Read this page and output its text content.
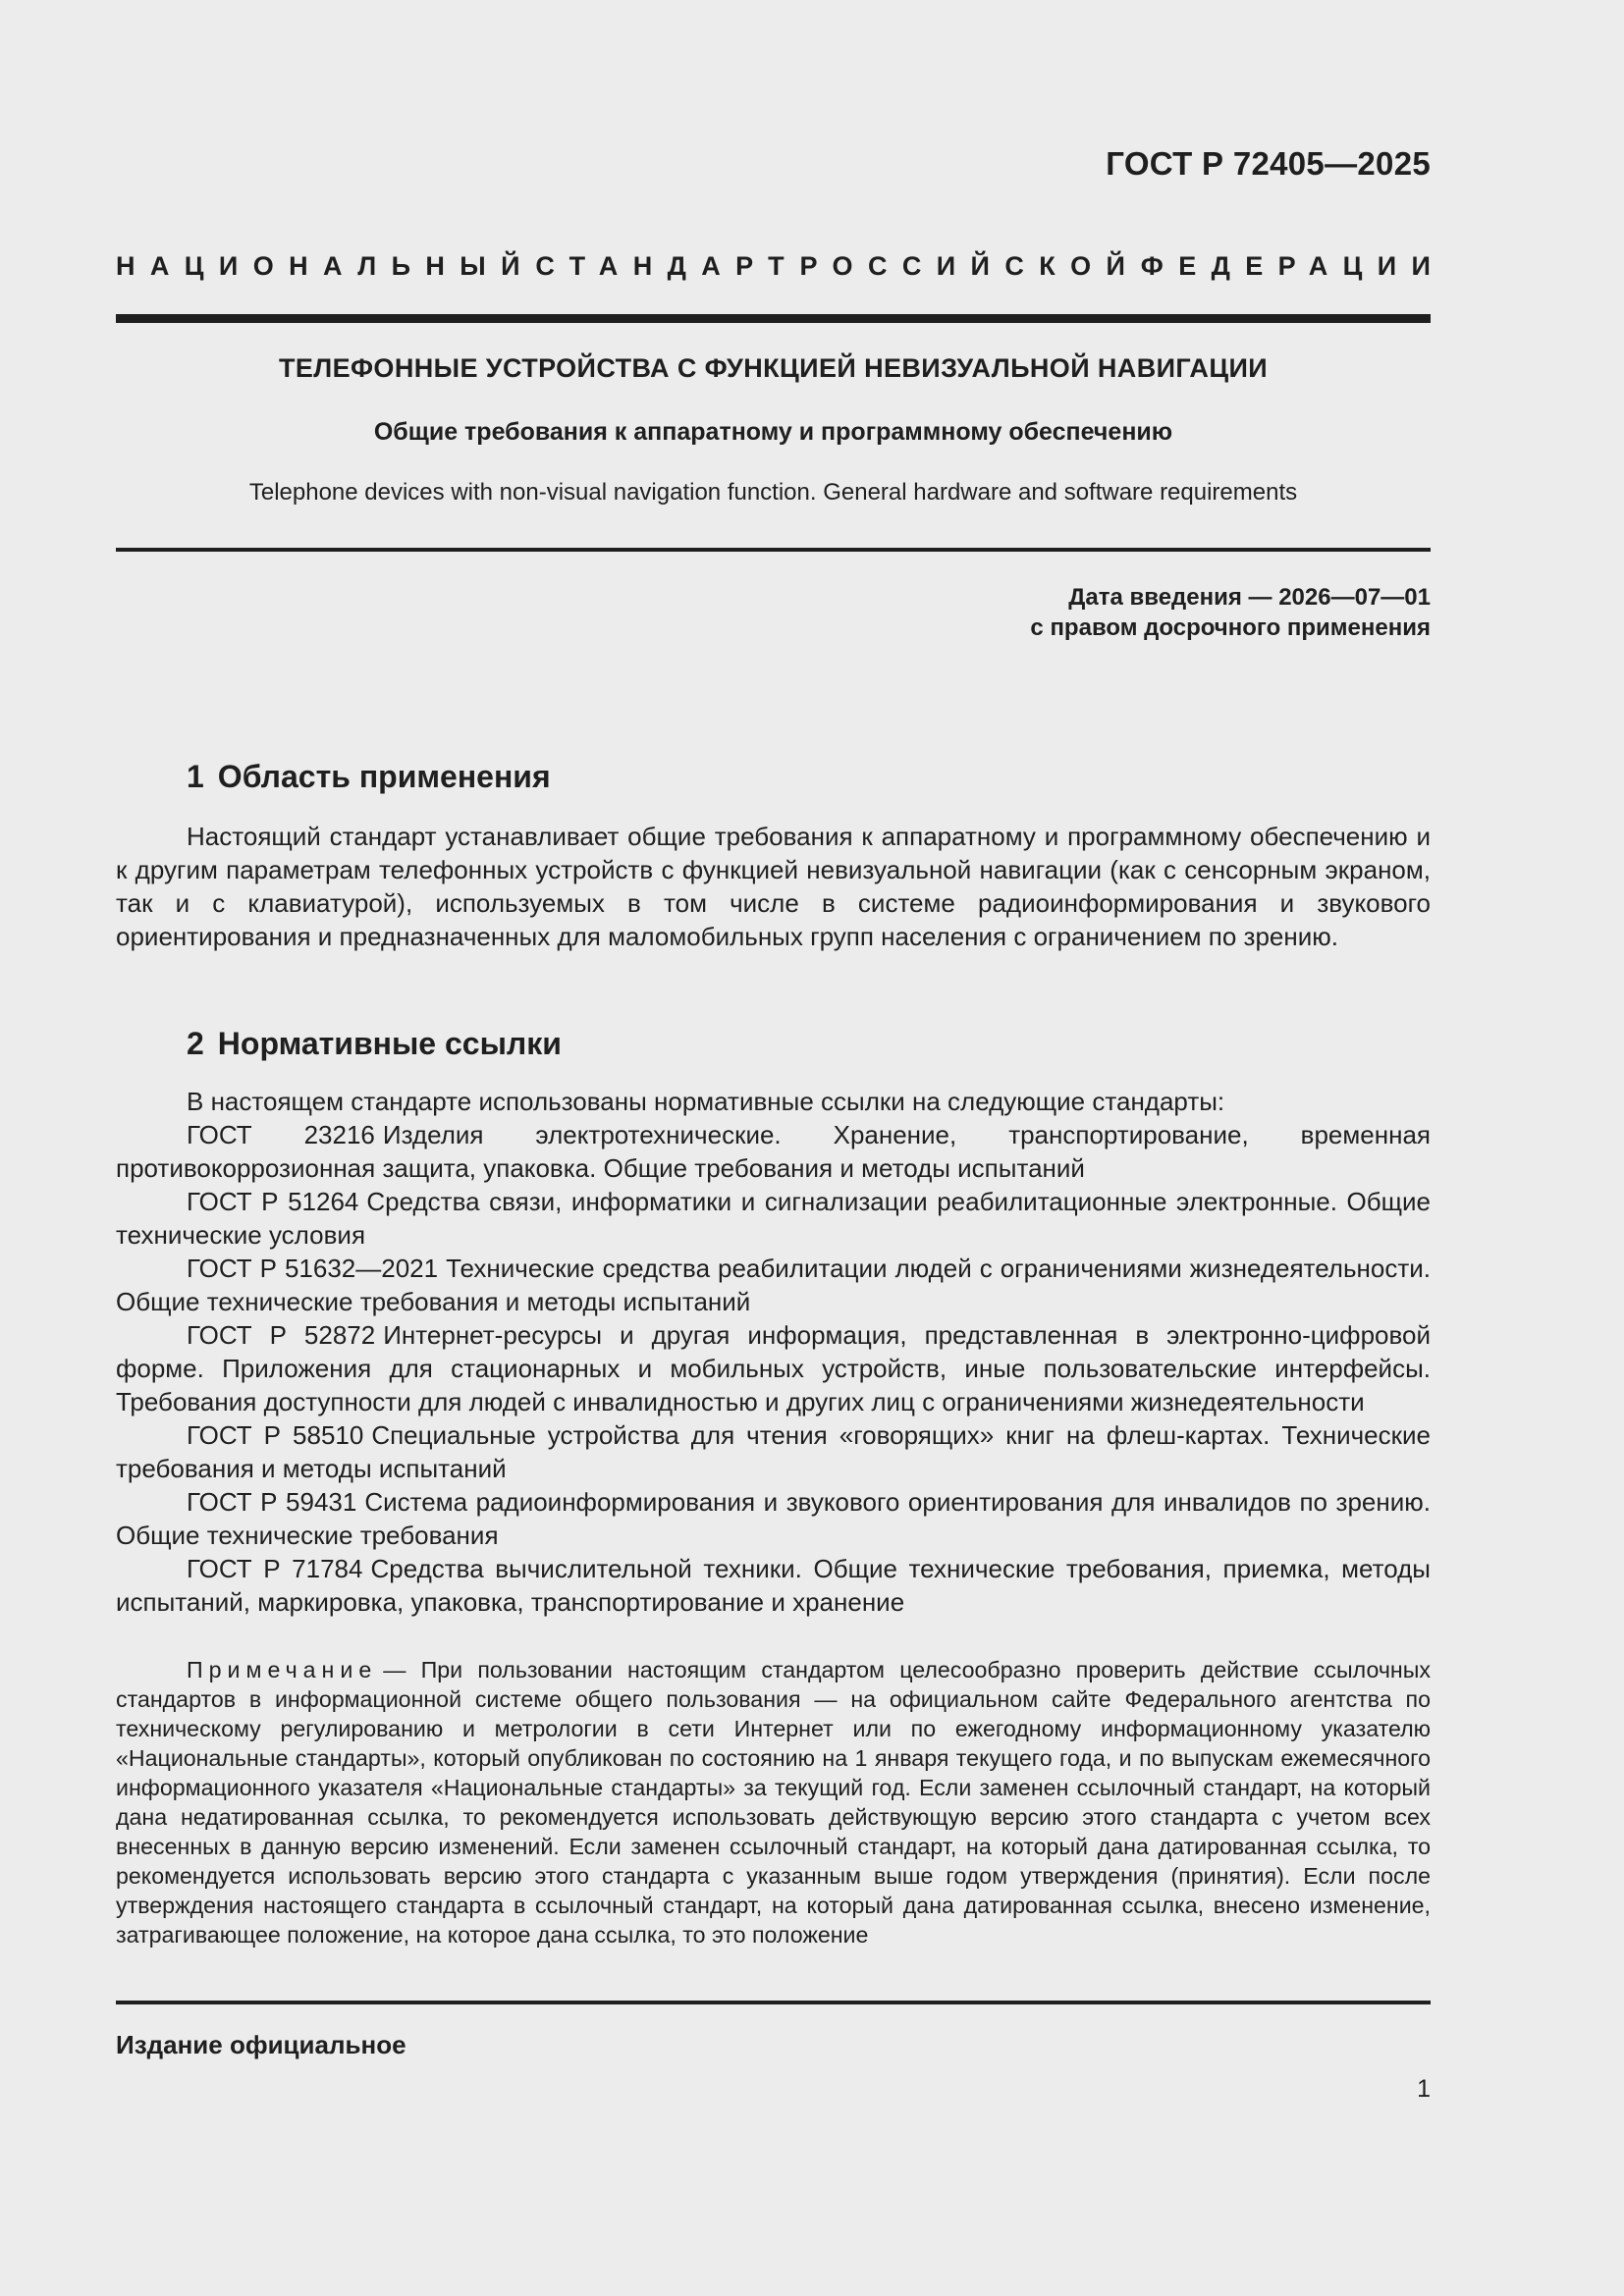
ГОСТ Р 72405—2025
НАЦИОНАЛЬНЫЙ СТАНДАРТ РОССИЙСКОЙ ФЕДЕРАЦИИ
ТЕЛЕФОННЫЕ УСТРОЙСТВА С ФУНКЦИЕЙ НЕВИЗУАЛЬНОЙ НАВИГАЦИИ
Общие требования к аппаратному и программному обеспечению
Telephone devices with non-visual navigation function. General hardware and software requirements
Дата введения — 2026—07—01
с правом досрочного применения
1 Область применения

Настоящий стандарт устанавливает общие требования к аппаратному и программному обеспечению и к другим параметрам телефонных устройств с функцией невизуальной навигации (как с сенсорным экраном, так и с клавиатурой), используемых в том числе в системе радиоинформирования и звукового ориентирования и предназначенных для маломобильных групп населения с ограничением по зрению.

2 Нормативные ссылки

В настоящем стандарте использованы нормативные ссылки на следующие стандарты:

ГОСТ 23216 Изделия электротехнические. Хранение, транспортирование, временная противокоррозионная защита, упаковка. Общие требования и методы испытаний
ГОСТ Р 51264 Средства связи, информатики и сигнализации реабилитационные электронные. Общие технические условия
ГОСТ Р 51632—2021 Технические средства реабилитации людей с ограничениями жизнедеятельности. Общие технические требования и методы испытаний
ГОСТ Р 52872 Интернет-ресурсы и другая информация, представленная в электронно-цифровой форме. Приложения для стационарных и мобильных устройств, иные пользовательские интерфейсы. Требования доступности для людей с инвалидностью и других лиц с ограничениями жизнедеятельности
ГОСТ Р 58510 Специальные устройства для чтения «говорящих» книг на флеш-картах. Технические требования и методы испытаний
ГОСТ Р 59431 Система радиоинформирования и звукового ориентирования для инвалидов по зрению. Общие технические требования
ГОСТ Р 71784 Средства вычислительной техники. Общие технические требования, приемка, методы испытаний, маркировка, упаковка, транспортирование и хранение

Примечание — При пользовании настоящим стандартом целесообразно проверить действие ссылочных стандартов в информационной системе общего пользования — на официальном сайте Федерального агентства по техническому регулированию и метрологии в сети Интернет или по ежегодному информационному указателю «Национальные стандарты», который опубликован по состоянию на 1 января текущего года, и по выпускам ежемесячного информационного указателя «Национальные стандарты» за текущий год. Если заменен ссылочный стандарт, на который дана недатированная ссылка, то рекомендуется использовать действующую версию этого стандарта с учетом всех внесенных в данную версию изменений. Если заменен ссылочный стандарт, на который дана датированная ссылка, то рекомендуется использовать версию этого стандарта с указанным выше годом утверждения (принятия). Если после утверждения настоящего стандарта в ссылочный стандарт, на который дана датированная ссылка, внесено изменение, затрагивающее положение, на которое дана ссылка, то это положение

Издание официальное
1
